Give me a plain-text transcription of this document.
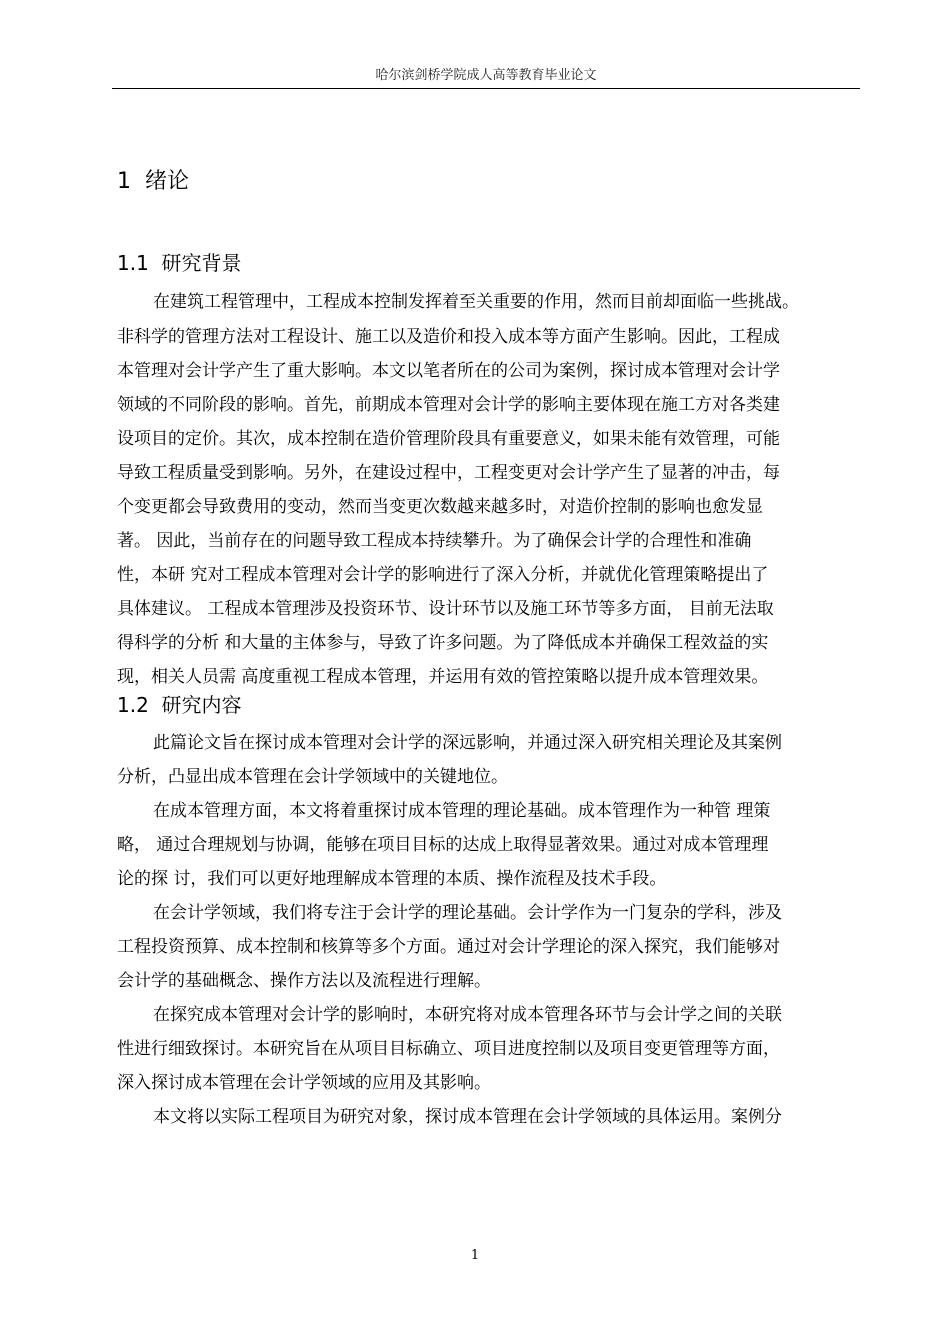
哈尔滨剑桥学院成人高等教育毕业论文
1 绪论
1.1 研究背景
在建筑工程管理中，工程成本控制发挥着至关重要的作用，然而目前却面临一些挑战。
非科学的管理方法对工程设计、施工以及造价和投入成本等方面产生影响。因此，工程成
本管理对会计学产生了重大影响。本文以笔者所在的公司为案例，探讨成本管理对会计学
领域的不同阶段的影响。首先，前期成本管理对会计学的影响主要体现在施工方对各类建
设项目的定价。其次，成本控制在造价管理阶段具有重要意义，如果未能有效管理，可能
导致工程质量受到影响。另外，在建设过程中，工程变更对会计学产生了显著的冲击，每
个变更都会导致费用的变动，然而当变更次数越来越多时，对造价控制的影响也愈发显
著。 因此，当前存在的问题导致工程成本持续攀升。为了确保会计学的合理性和准确
性，本研 究对工程成本管理对会计学的影响进行了深入分析，并就优化管理策略提出了
具体建议。 工程成本管理涉及投资环节、设计环节以及施工环节等多方面， 目前无法取
得科学的分析 和大量的主体参与，导致了许多问题。为了降低成本并确保工程效益的实
现，相关人员需 高度重视工程成本管理，并运用有效的管控策略以提升成本管理效果。
1.2 研究内容
此篇论文旨在探讨成本管理对会计学的深远影响，并通过深入研究相关理论及其案例
分析，凸显出成本管理在会计学领域中的关键地位。
在成本管理方面，本文将着重探讨成本管理的理论基础。成本管理作为一种管 理策
略， 通过合理规划与协调，能够在项目目标的达成上取得显著效果。通过对成本管理理
论的探 讨，我们可以更好地理解成本管理的本质、操作流程及技术手段。
在会计学领域，我们将专注于会计学的理论基础。会计学作为一门复杂的学科，涉及
工程投资预算、成本控制和核算等多个方面。通过对会计学理论的深入探究，我们能够对
会计学的基础概念、操作方法以及流程进行理解。
在探究成本管理对会计学的影响时，本研究将对成本管理各环节与会计学之间的关联
性进行细致探讨。本研究旨在从项目目标确立、项目进度控制以及项目变更管理等方面，
深入探讨成本管理在会计学领域的应用及其影响。
本文将以实际工程项目为研究对象，探讨成本管理在会计学领域的具体运用。案例分
1
